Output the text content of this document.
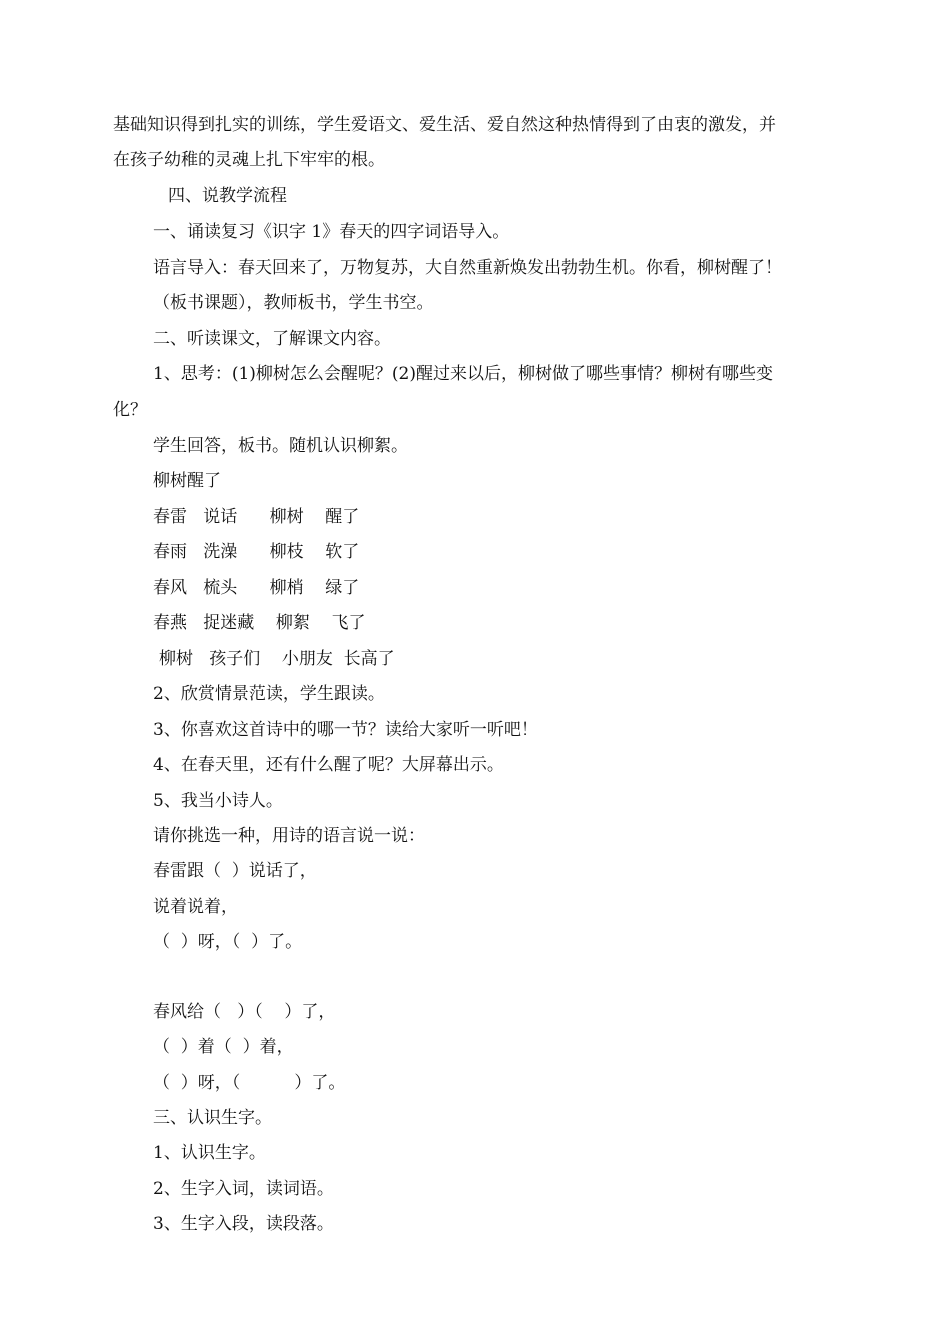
基础知识得到扎实的训练，学生爱语文、爱生活、爱自然这种热情得到了由衷的激发，并
在孩子幼稚的灵魂上扎下牢牢的根。
四、说教学流程
一、诵读复习《识字 1》春天的四字词语导入。
语言导入：春天回来了，万物复苏，大自然重新焕发出勃勃生机。你看，柳树醒了！
（板书课题），教师板书，学生书空。
二、听读课文，了解课文内容。
1、思考：(1)柳树怎么会醒呢？(2)醒过来以后，柳树做了哪些事情？柳树有哪些变
化？
学生回答，板书。随机认识柳絮。
柳树醒了
春雷   说话      柳树    醒了
春雨   洗澡      柳枝    软了
春风   梳头      柳梢    绿了
春燕   捉迷藏    柳絮    飞了
柳树   孩子们    小朋友  长高了
2、欣赏情景范读，学生跟读。
3、你喜欢这首诗中的哪一节？读给大家听一听吧！
4、在春天里，还有什么醒了呢？大屏幕出示。
5、我当小诗人。
请你挑选一种，用诗的语言说一说：
春雷跟（  ）说话了，
说着说着，
（  ）呀，（  ）了。
春风给（   ）（    ）了，
（  ）着（  ）着，
（  ）呀，（          ）了。
三、认识生字。
1、认识生字。
2、生字入词，读词语。
3、生字入段，读段落。
